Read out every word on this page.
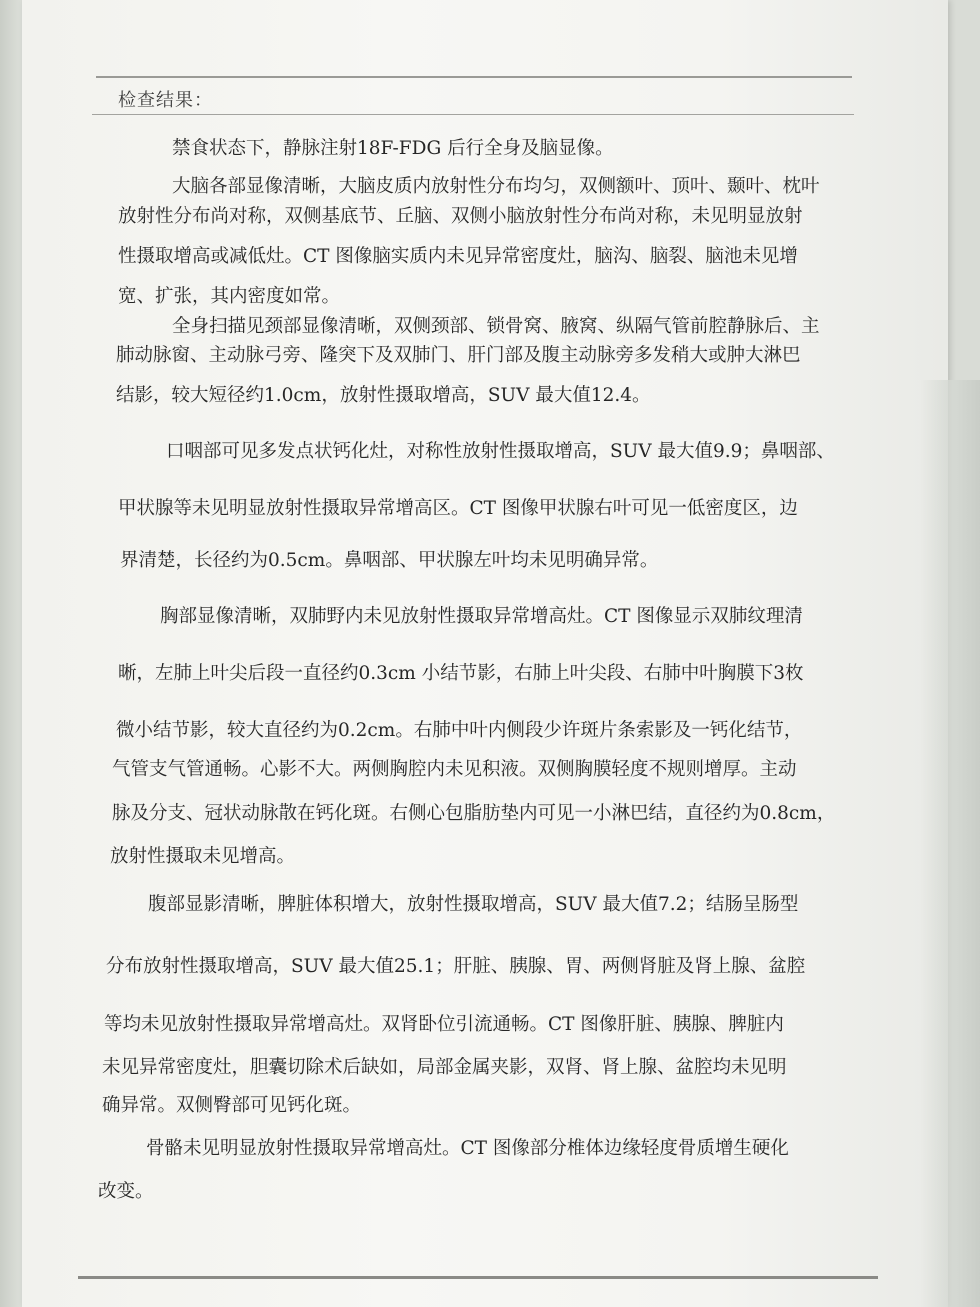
检查结果：
禁食状态下，静脉注射18F-FDG 后行全身及脑显像。
大脑各部显像清晰，大脑皮质内放射性分布均匀，双侧额叶、顶叶、颞叶、枕叶
放射性分布尚对称，双侧基底节、丘脑、双侧小脑放射性分布尚对称，未见明显放射
性摄取增高或减低灶。CT 图像脑实质内未见异常密度灶，脑沟、脑裂、脑池未见增
宽、扩张，其内密度如常。
全身扫描见颈部显像清晰，双侧颈部、锁骨窝、腋窝、纵隔气管前腔静脉后、主
肺动脉窗、主动脉弓旁、隆突下及双肺门、肝门部及腹主动脉旁多发稍大或肿大淋巴
结影，较大短径约1.0cm，放射性摄取增高，SUV 最大值12.4。
口咽部可见多发点状钙化灶，对称性放射性摄取增高，SUV 最大值9.9；鼻咽部、
甲状腺等未见明显放射性摄取异常增高区。CT 图像甲状腺右叶可见一低密度区，边
界清楚，长径约为0.5cm。鼻咽部、甲状腺左叶均未见明确异常。
胸部显像清晰，双肺野内未见放射性摄取异常增高灶。CT 图像显示双肺纹理清
晰，左肺上叶尖后段一直径约0.3cm 小结节影，右肺上叶尖段、右肺中叶胸膜下3枚
微小结节影，较大直径约为0.2cm。右肺中叶内侧段少许斑片条索影及一钙化结节，
气管支气管通畅。心影不大。两侧胸腔内未见积液。双侧胸膜轻度不规则增厚。主动
脉及分支、冠状动脉散在钙化斑。右侧心包脂肪垫内可见一小淋巴结，直径约为0.8cm，
放射性摄取未见增高。
腹部显影清晰，脾脏体积增大，放射性摄取增高，SUV 最大值7.2；结肠呈肠型
分布放射性摄取增高，SUV 最大值25.1；肝脏、胰腺、胃、两侧肾脏及肾上腺、盆腔
等均未见放射性摄取异常增高灶。双肾卧位引流通畅。CT 图像肝脏、胰腺、脾脏内
未见异常密度灶，胆囊切除术后缺如，局部金属夹影，双肾、肾上腺、盆腔均未见明
确异常。双侧臀部可见钙化斑。
骨骼未见明显放射性摄取异常增高灶。CT 图像部分椎体边缘轻度骨质增生硬化
改变。
